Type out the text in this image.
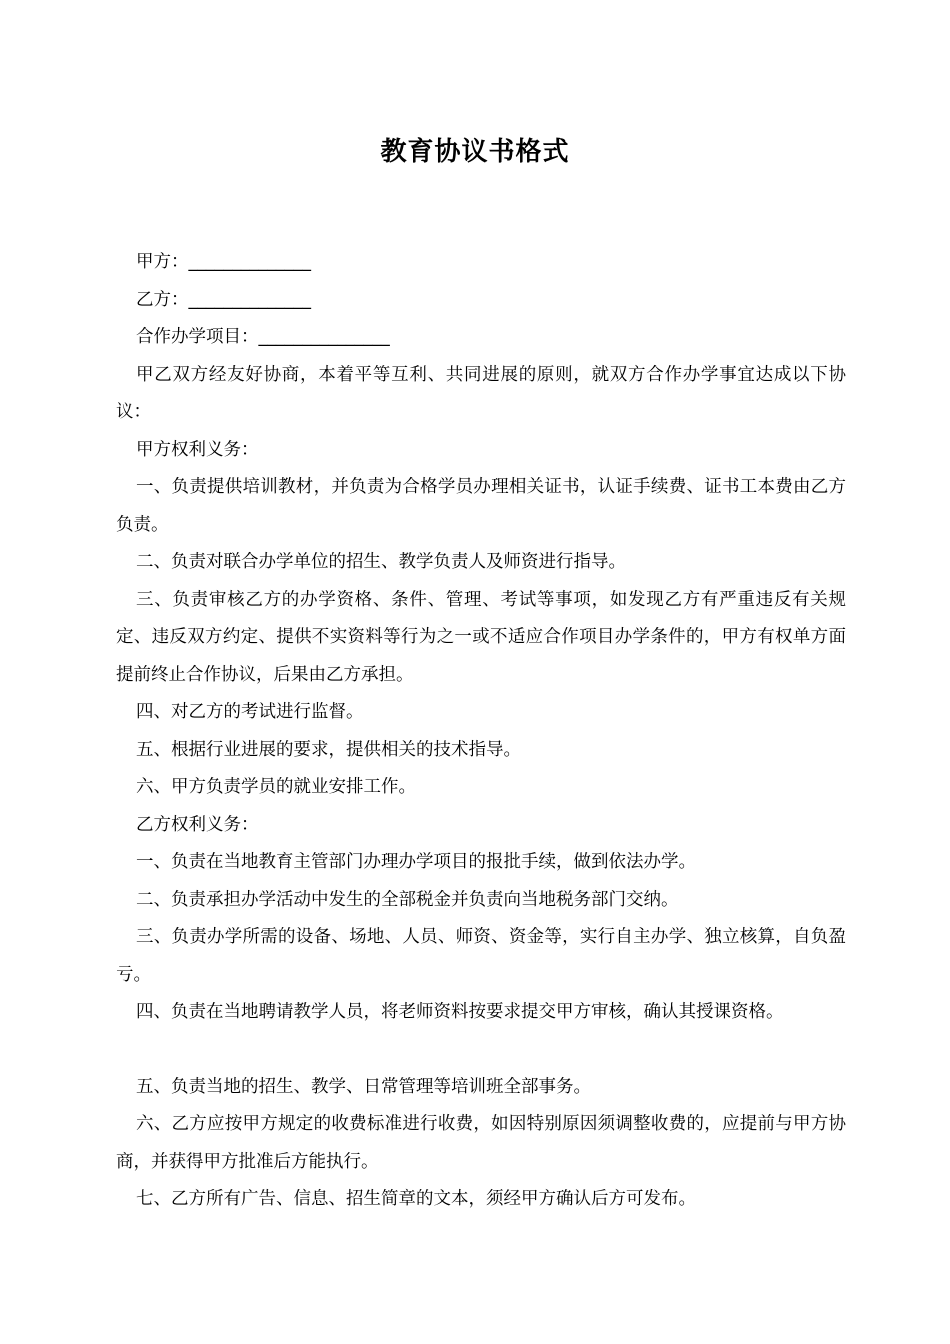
教育协议书格式

甲方：______________

乙方：______________

合作办学项目：_______________

甲乙双方经友好协商，本着平等互利、共同进展的原则，就双方合作办学事宜达成以下协议：

甲方权利义务：

一、负责提供培训教材，并负责为合格学员办理相关证书，认证手续费、证书工本费由乙方负责。

二、负责对联合办学单位的招生、教学负责人及师资进行指导。

三、负责审核乙方的办学资格、条件、管理、考试等事项，如发现乙方有严重违反有关规定、违反双方约定、提供不实资料等行为之一或不适应合作项目办学条件的，甲方有权单方面提前终止合作协议，后果由乙方承担。

四、对乙方的考试进行监督。

五、根据行业进展的要求，提供相关的技术指导。

六、甲方负责学员的就业安排工作。

乙方权利义务：

一、负责在当地教育主管部门办理办学项目的报批手续，做到依法办学。

二、负责承担办学活动中发生的全部税金并负责向当地税务部门交纳。

三、负责办学所需的设备、场地、人员、师资、资金等，实行自主办学、独立核算，自负盈亏。

四、负责在当地聘请教学人员，将老师资料按要求提交甲方审核，确认其授课资格。

五、负责当地的招生、教学、日常管理等培训班全部事务。

六、乙方应按甲方规定的收费标准进行收费，如因特别原因须调整收费的，应提前与甲方协商，并获得甲方批准后方能执行。

七、乙方所有广告、信息、招生简章的文本，须经甲方确认后方可发布。
